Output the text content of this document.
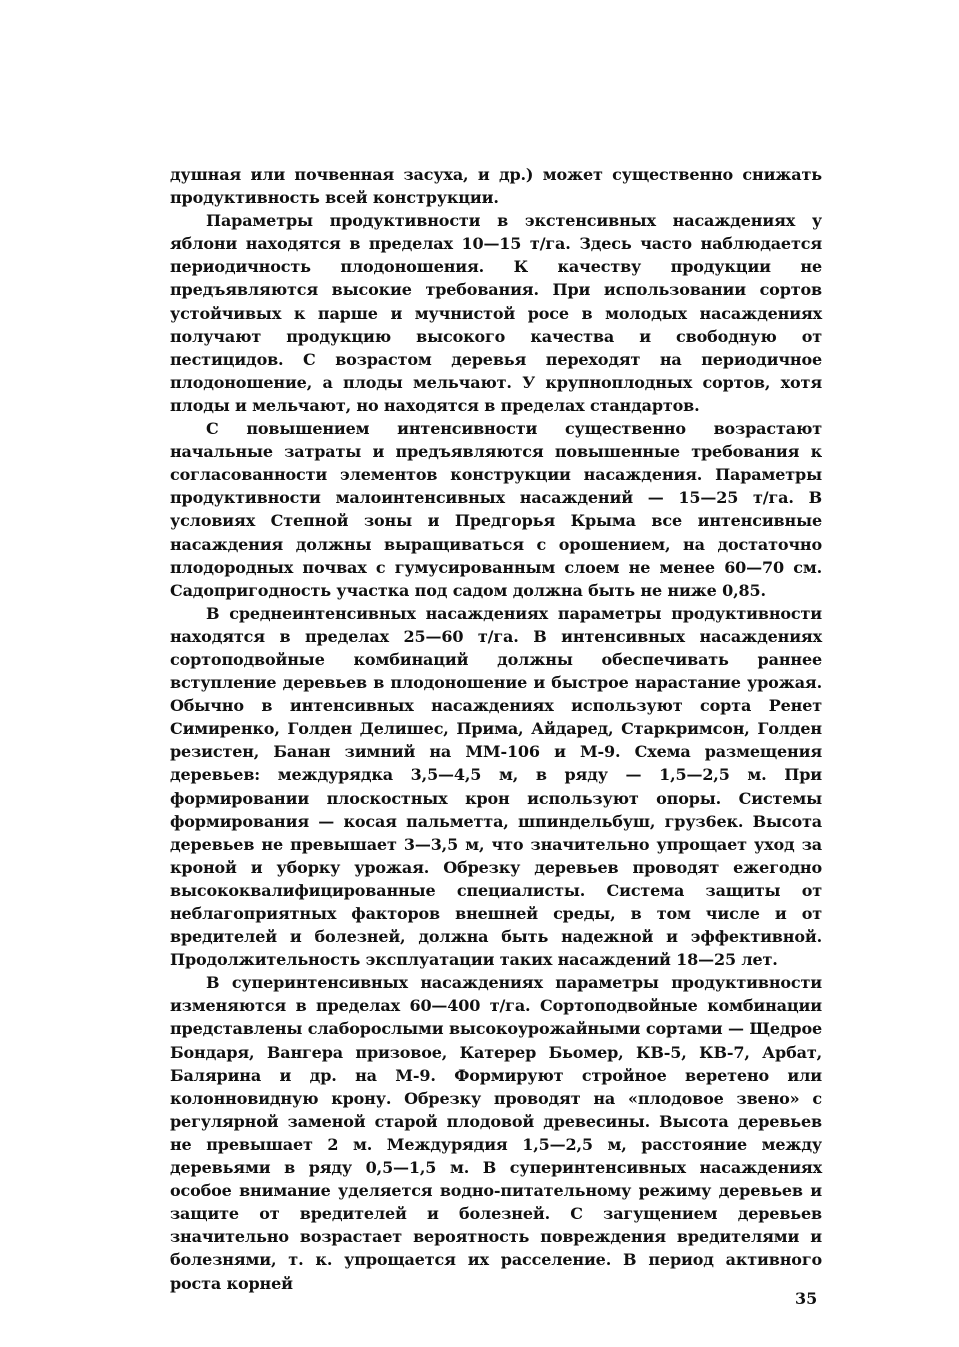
душная или почвенная засуха, и др.) может существенно снижать продуктивность всей конструкции.

Параметры продуктивности в экстенсивных насаждениях у яблони находятся в пределах 10—15 т/га. Здесь часто наблюдается периодичность плодоношения. К качеству продукции не предъявляются высокие требования. При использовании сортов устойчивых к парше и мучнистой росе в молодых насаждениях получают продукцию высокого качества и свободную от пестицидов. С возрастом деревья переходят на периодичное плодоношение, а плоды мельчают. У крупноплодных сортов, хотя плоды и мельчают, но находятся в пределах стандартов.

С повышением интенсивности существенно возрастают начальные затраты и предъявляются повышенные требования к согласованности элементов конструкции насаждения. Параметры продуктивности малоинтенсивных насаждений — 15—25 т/га. В условиях Степной зоны и Предгорья Крыма все интенсивные насаждения должны выращиваться с орошением, на достаточно плодородных почвах с гумусированным слоем не менее 60—70 см. Садопригодность участка под садом должна быть не ниже 0,85.

В среднеинтенсивных насаждениях параметры продуктивности находятся в пределах 25—60 т/га. В интенсивных насаждениях сортоподвойные комбинаций должны обеспечивать раннее вступление деревьев в плодоношение и быстрое нарастание урожая. Обычно в интенсивных насаждениях используют сорта Ренет Симиренко, Голден Делишес, Прима, Айдаред, Старкримсон, Голден резистен, Банан зимний на ММ-106 и М-9. Схема размещения деревьев: междурядка 3,5—4,5 м, в ряду — 1,5—2,5 м. При формировании плоскостных крон используют опоры. Системы формирования — косая пальметта, шпиндельбуш, груз6ек. Высота деревьев не превышает 3—3,5 м, что значительно упрощает уход за кроной и уборку урожая. Обрезку деревьев проводят ежегодно высококвалифицированные специалисты. Система защиты от неблагоприятных факторов внешней среды, в том числе и от вредителей и болезней, должна быть надежной и эффективной. Продолжительность эксплуатации таких насаждений 18—25 лет.

В суперинтенсивных насаждениях параметры продуктивности изменяются в пределах 60—400 т/га. Сортоподвойные комбинации представлены слаборослыми высокоурожайными сортами — Щедрое Бондаря, Вангера призовое, Катерер Бьомер, КВ-5, КВ-7, Арбат, Балярина и др. на М-9. Формируют стройное веретено или колонновидную крону. Обрезку проводят на «плодовое звено» с регулярной заменой старой плодовой древесины. Высота деревьев не превышает 2 м. Междурядия 1,5—2,5 м, расстояние между деревьями в ряду 0,5—1,5 м. В суперинтенсивных насаждениях особое внимание уделяется водно-питательному режиму деревьев и защите от вредителей и болезней. С загущением деревьев значительно возрастает вероятность повреждения вредителями и болезнями, т. к. упрощается их расселение. В период активного роста корней

35
